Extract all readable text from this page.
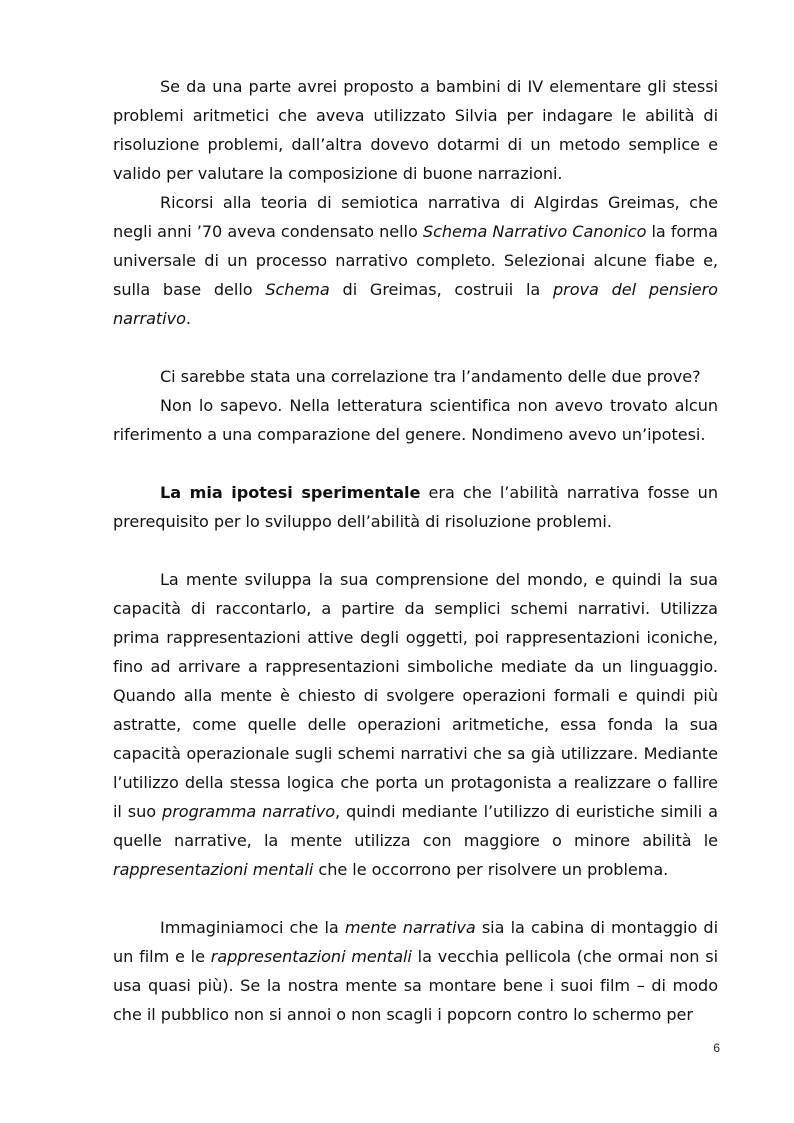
Se da una parte avrei proposto a bambini di IV elementare gli stessi problemi aritmetici che aveva utilizzato Silvia per indagare le abilità di risoluzione problemi, dall’altra dovevo dotarmi di un metodo semplice e valido per valutare la composizione di buone narrazioni.

Ricorsi alla teoria di semiotica narrativa di Algirdas Greimas, che negli anni ’70 aveva condensato nello Schema Narrativo Canonico la forma universale di un processo narrativo completo. Selezionai alcune fiabe e, sulla base dello Schema di Greimas, costruii la prova del pensiero narrativo.

Ci sarebbe stata una correlazione tra l’andamento delle due prove?

Non lo sapevo. Nella letteratura scientifica non avevo trovato alcun riferimento a una comparazione del genere. Nondimeno avevo un’ipotesi.

La mia ipotesi sperimentale era che l’abilità narrativa fosse un prerequisito per lo sviluppo dell’abilità di risoluzione problemi.

La mente sviluppa la sua comprensione del mondo, e quindi la sua capacità di raccontarlo, a partire da semplici schemi narrativi. Utilizza prima rappresentazioni attive degli oggetti, poi rappresentazioni iconiche, fino ad arrivare a rappresentazioni simboliche mediate da un linguaggio. Quando alla mente è chiesto di svolgere operazioni formali e quindi più astratte, come quelle delle operazioni aritmetiche, essa fonda la sua capacità operazionale sugli schemi narrativi che sa già utilizzare. Mediante l’utilizzo della stessa logica che porta un protagonista a realizzare o fallire il suo programma narrativo, quindi mediante l’utilizzo di euristiche simili a quelle narrative, la mente utilizza con maggiore o minore abilità le rappresentazioni mentali che le occorrono per risolvere un problema.

Immaginiamoci che la mente narrativa sia la cabina di montaggio di un film e le rappresentazioni mentali la vecchia pellicola (che ormai non si usa quasi più). Se la nostra mente sa montare bene i suoi film – di modo che il pubblico non si annoi o non scagli i popcorn contro lo schermo per

6
